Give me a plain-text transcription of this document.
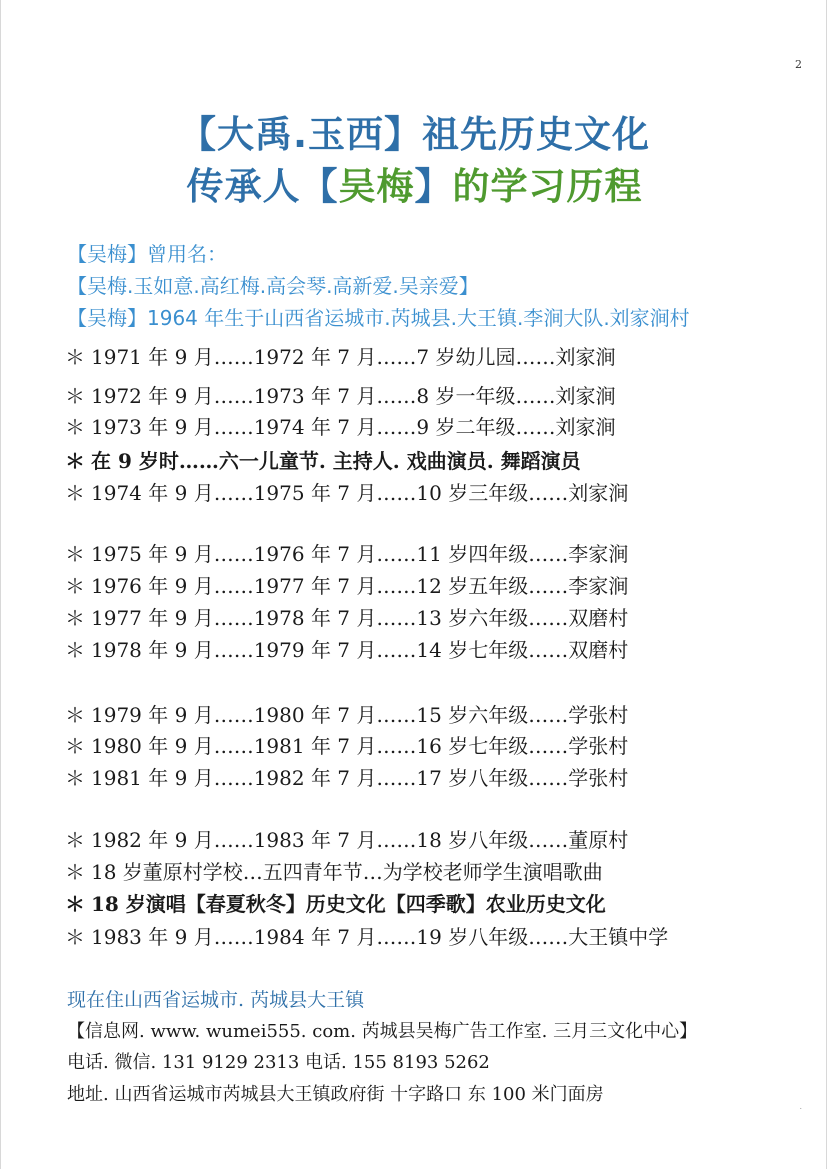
2
【大禹.玉西】祖先历史文化
传承人【吴梅】的学习历程
【吴梅】曾用名：
【吴梅.玉如意.高红梅.高会琴.高新爱.吴亲爱】
【吴梅】1964 年生于山西省运城市.芮城县.大王镇.李涧大队.刘家涧村
＊ 1971 年 9 月……1972 年 7 月……7 岁幼儿园……刘家涧
＊ 1972 年 9 月……1973 年 7 月……8 岁一年级……刘家涧
＊ 1973 年 9 月……1974 年 7 月……9 岁二年级……刘家涧
＊ 在 9 岁时……六一儿童节. 主持人. 戏曲演员. 舞蹈演员
＊ 1974 年 9 月……1975 年 7 月……10 岁三年级……刘家涧
＊ 1975 年 9 月……1976 年 7 月……11 岁四年级……李家涧
＊ 1976 年 9 月……1977 年 7 月……12 岁五年级……李家涧
＊ 1977 年 9 月……1978 年 7 月……13 岁六年级……双磨村
＊ 1978 年 9 月……1979 年 7 月……14 岁七年级……双磨村
＊ 1979 年 9 月……1980 年 7 月……15 岁六年级……学张村
＊ 1980 年 9 月……1981 年 7 月……16 岁七年级……学张村
＊ 1981 年 9 月……1982 年 7 月……17 岁八年级……学张村
＊ 1982 年 9 月……1983 年 7 月……18 岁八年级……董原村
＊ 18 岁董原村学校…五四青年节…为学校老师学生演唱歌曲
＊ 18 岁演唱【春夏秋冬】历史文化【四季歌】农业历史文化
＊ 1983 年 9 月……1984 年 7 月……19 岁八年级……大王镇中学
现在住山西省运城市. 芮城县大王镇
【信息网. www. wumei555. com. 芮城县吴梅广告工作室. 三月三文化中心】
电话. 微信. 131 9129 2313 电话. 155 8193 5262
地址. 山西省运城市芮城县大王镇政府街 十字路口 东 100 米门面房
.
